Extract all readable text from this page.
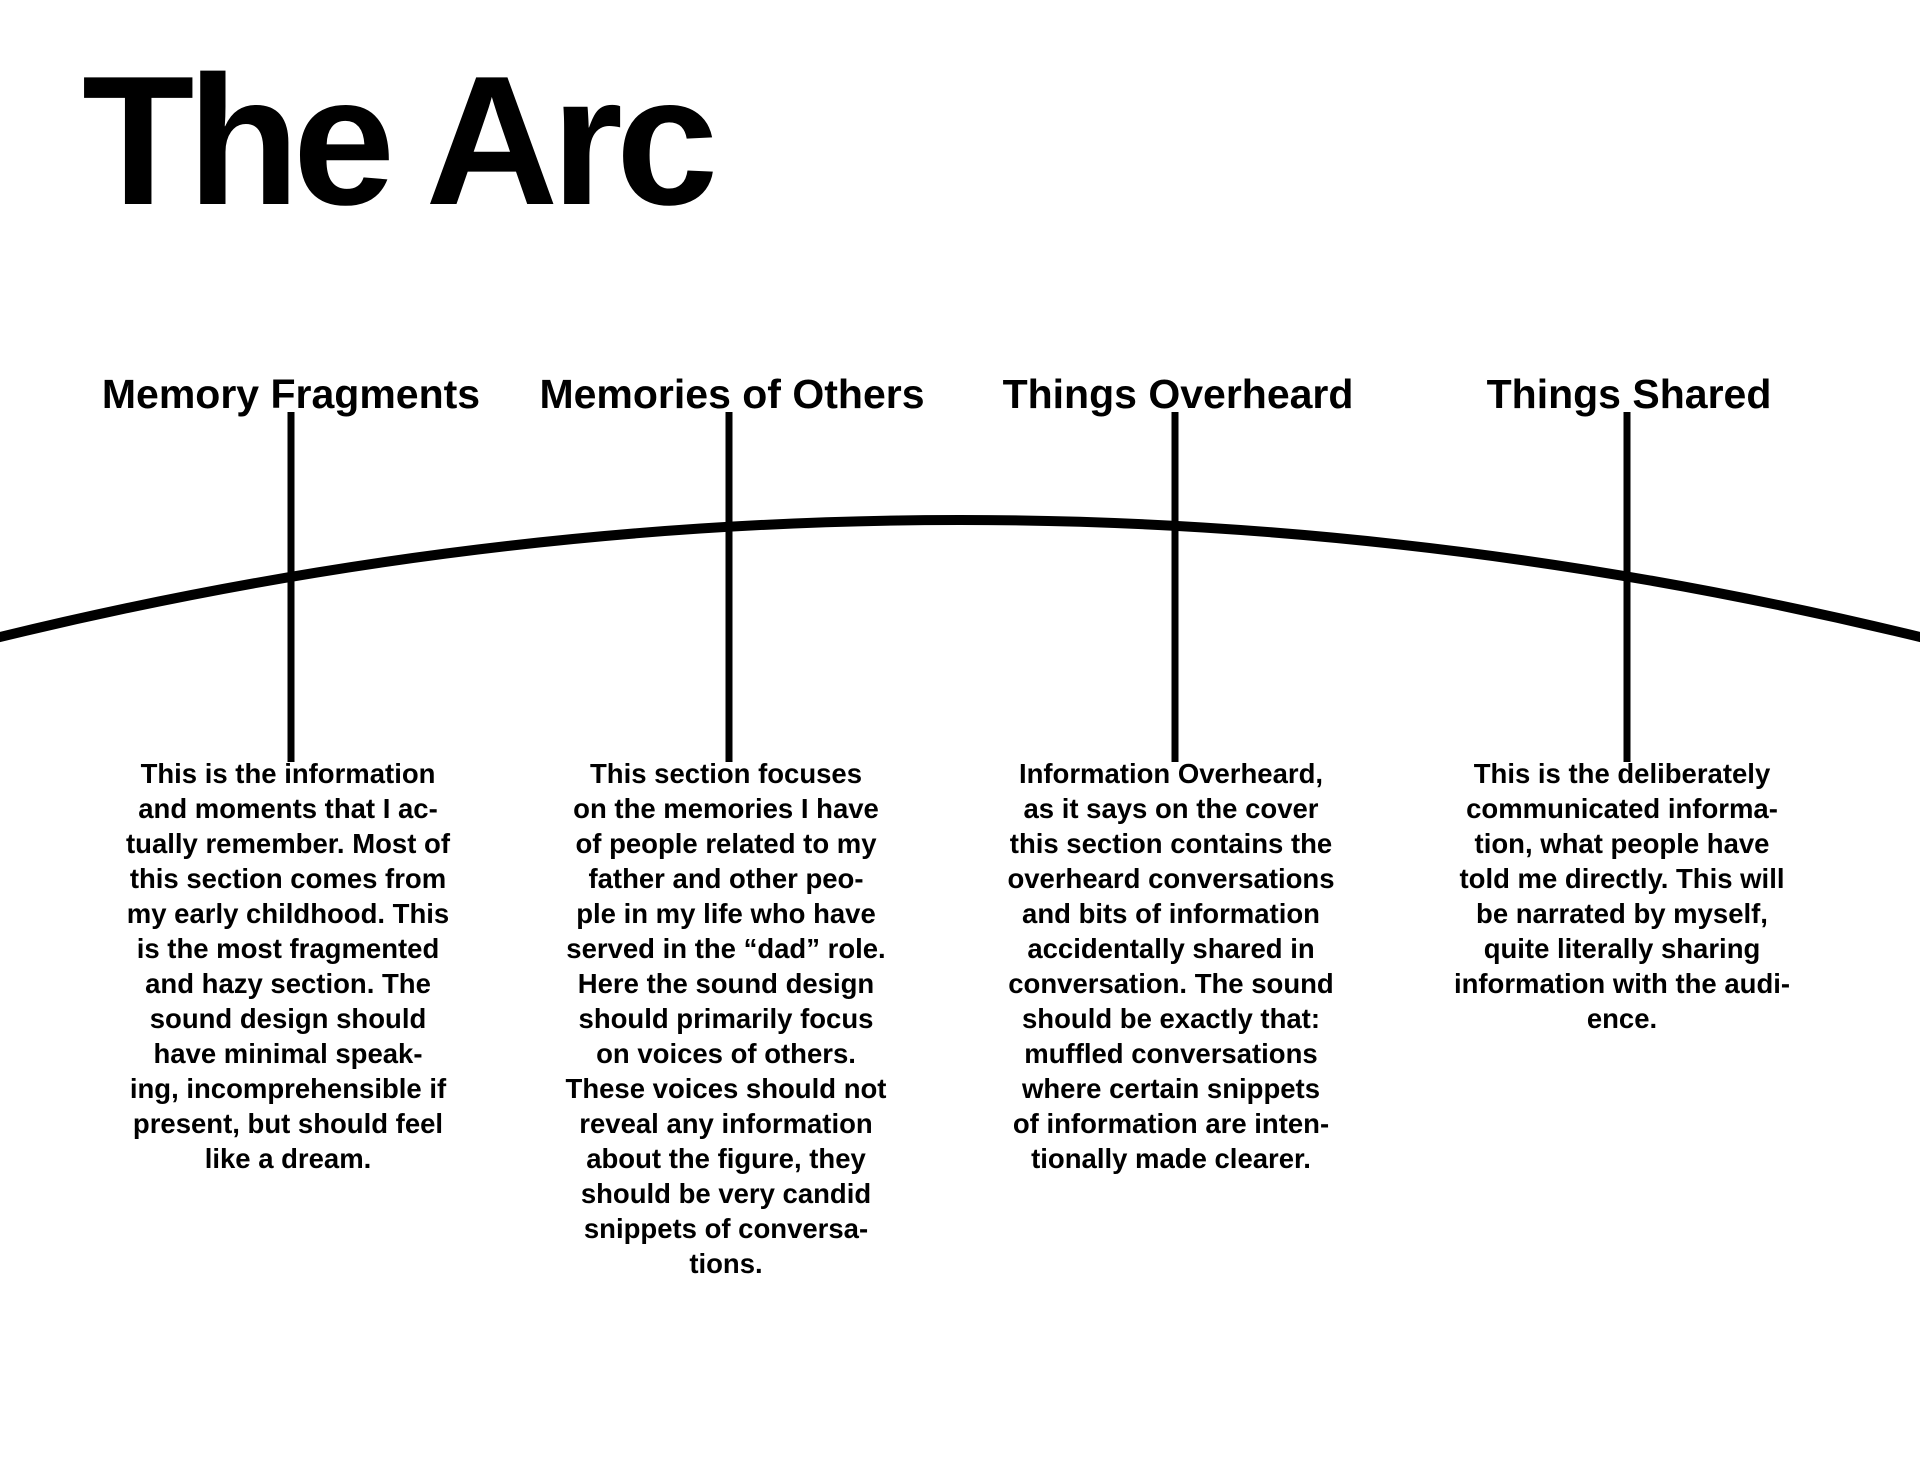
The Arc
Memory Fragments
This is the information
and moments that I ac-
tually remember. Most of
this section comes from
my early childhood. This
is the most fragmented
and hazy section. The
sound design should
have minimal speak-
ing, incomprehensible if
present, but should feel
like a dream.
Memories of Others
This section focuses
on the memories I have
of people related to my
father and other peo-
ple in my life who have
served in the “dad” role.
Here the sound design
should primarily focus
on voices of others.
These voices should not
reveal any information
about the figure, they
should be very candid
snippets of conversa-
tions.
Things Overheard
Information Overheard,
as it says on the cover
this section contains the
overheard conversations
and bits of information
accidentally shared in
conversation. The sound
should be exactly that:
muffled conversations
where certain snippets
of information are inten-
tionally made clearer.
Things Shared
This is the deliberately
communicated informa-
tion, what people have
told me directly. This will
be narrated by myself,
quite literally sharing
information with the audi-
ence.
